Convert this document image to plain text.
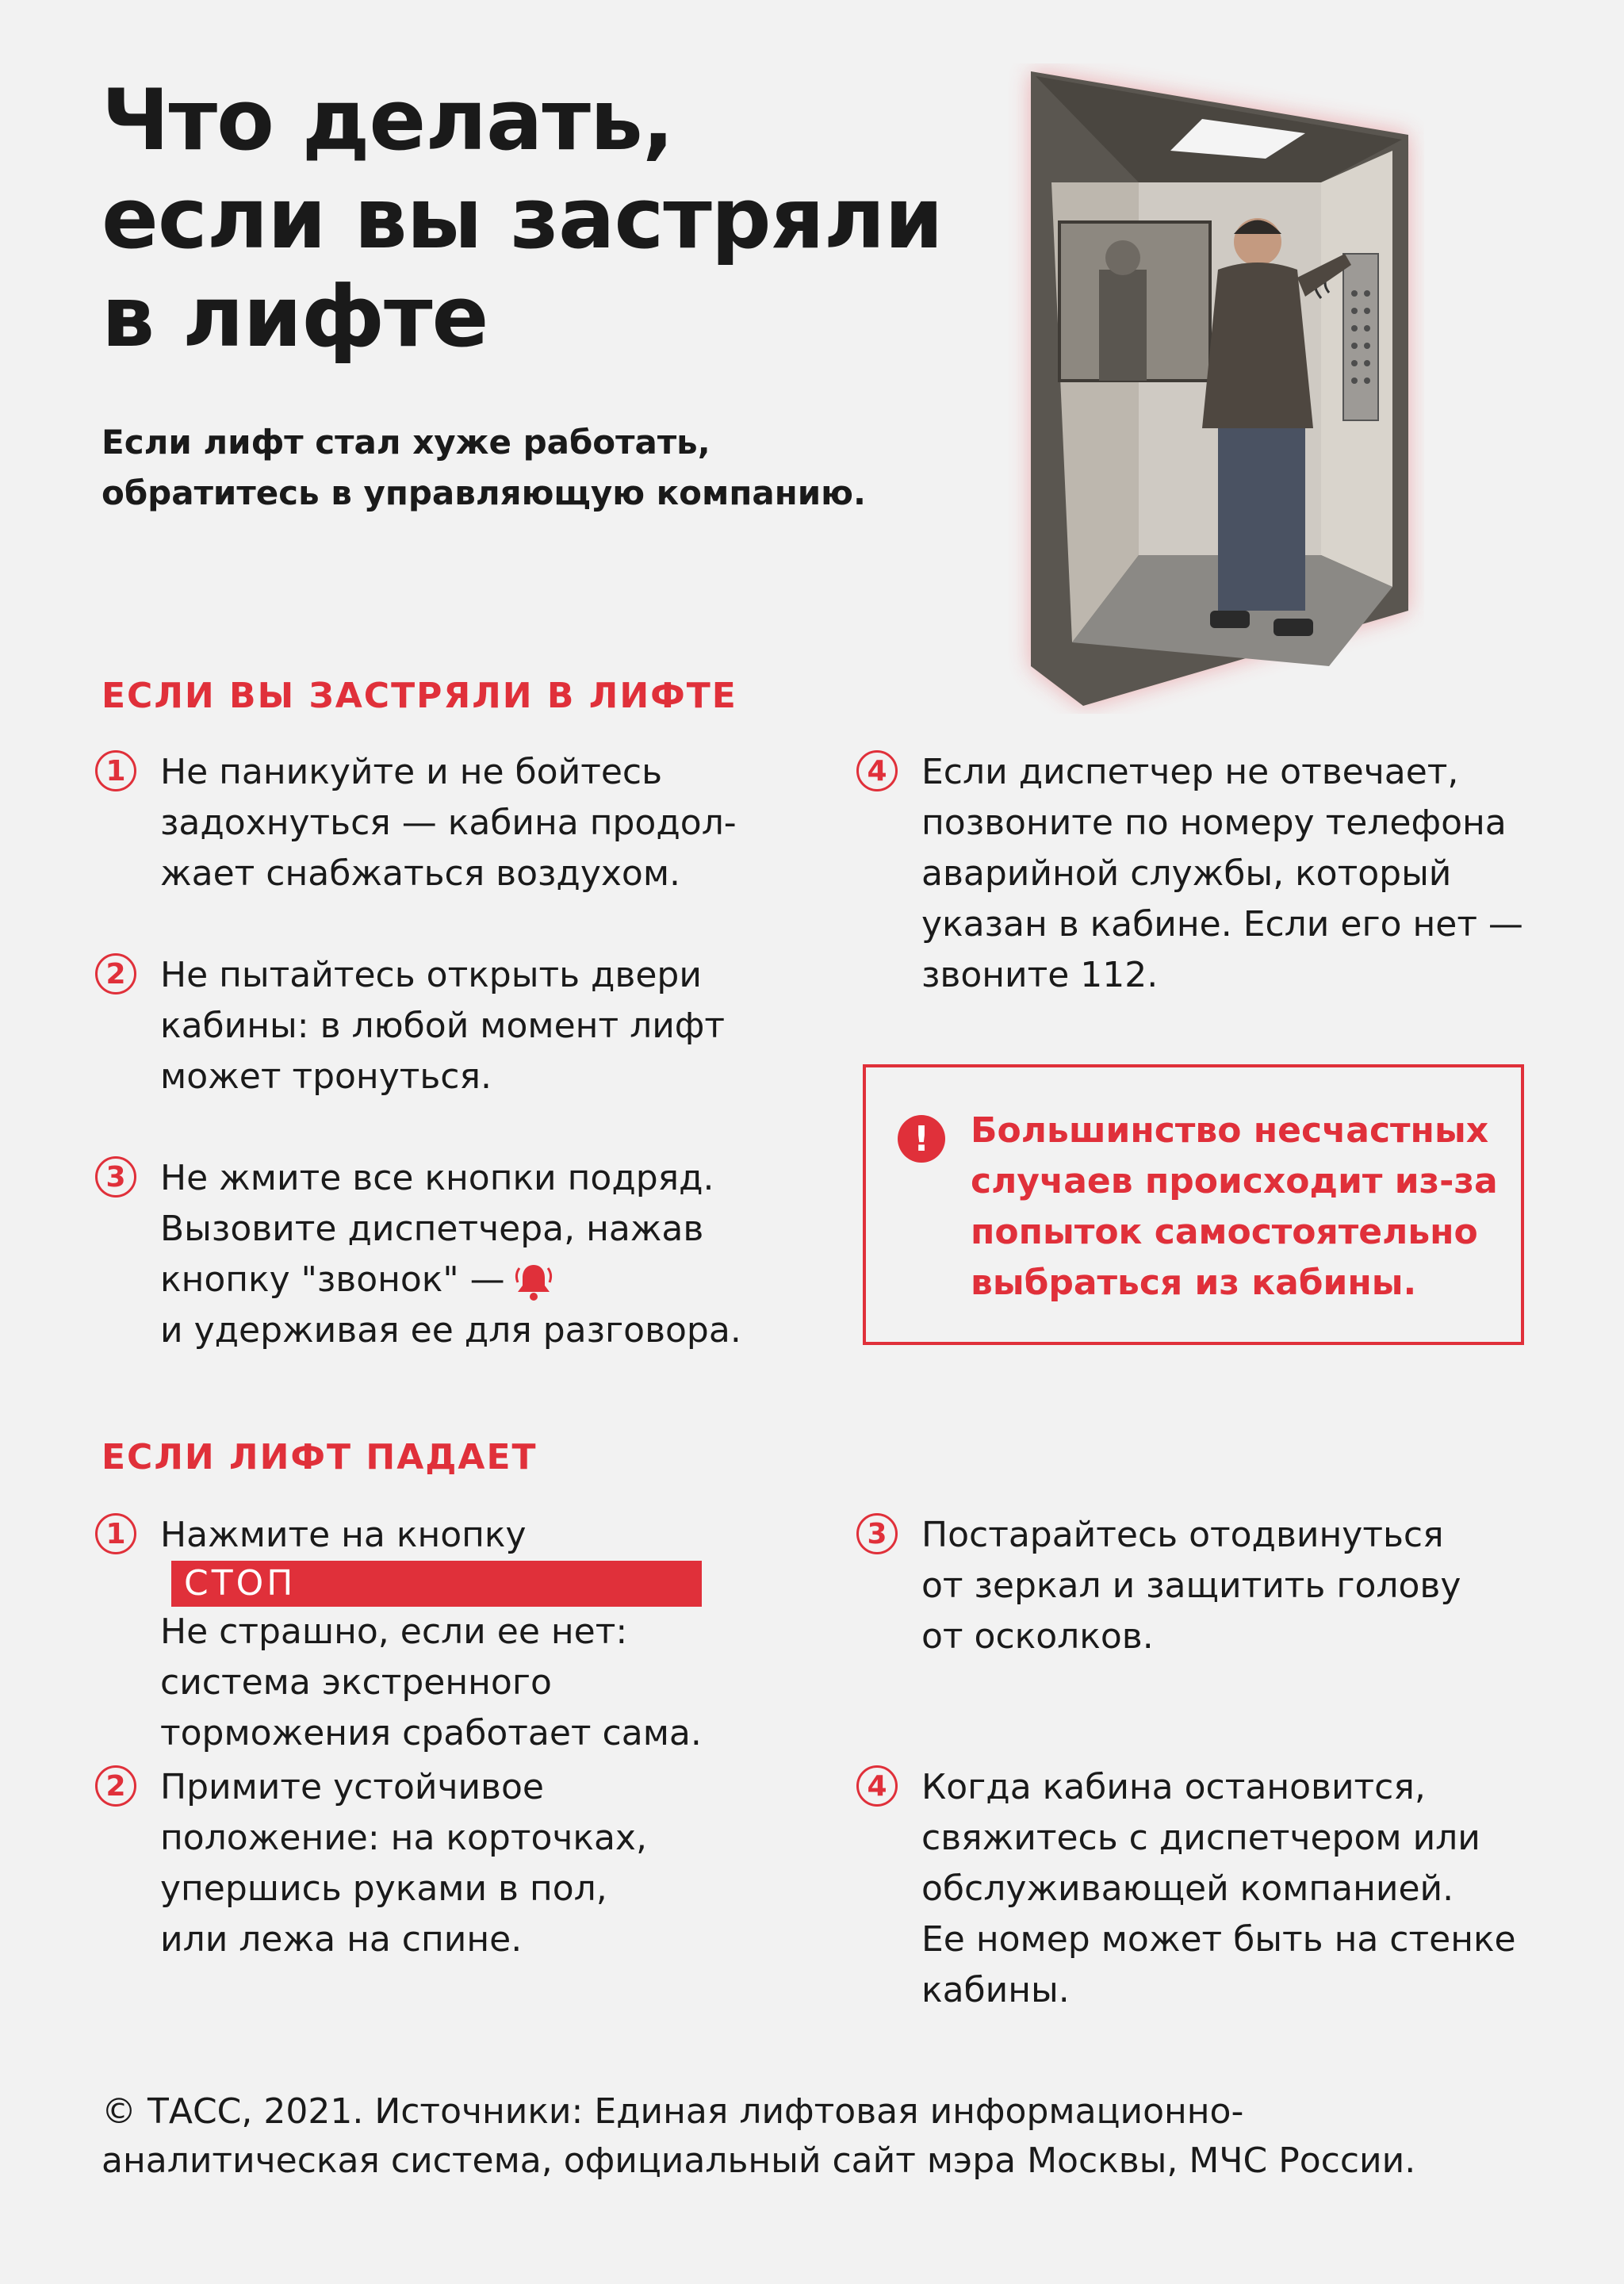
Что делать,
если вы застряли
в лифте
Если лифт стал хуже работать,
обратитесь в управляющую компанию.
ЕСЛИ ВЫ ЗАСТРЯЛИ В ЛИФТЕ
1 Не паникуйте и не бойтесь
задохнуться — кабина продол-
жает снабжаться воздухом.
2 Не пытайтесь открыть двери
кабины: в любой момент лифт
может тронуться.
3 Не жмите все кнопки подряд.
Вызовите диспетчера, нажав
кнопку "звонок" —
и удерживая ее для разговора.
4 Если диспетчер не отвечает,
позвоните по номеру телефона
аварийной службы, который
указан в кабине. Если его нет —
звоните 112.
!	Большинство несчастных
случаев происходит из-за
попыток самостоятельно
выбраться из кабины.
ЕСЛИ ЛИФТ ПАДАЕТ
1 Нажмите на кнопку
СТОП
Не страшно, если ее нет:
система экстренного
торможения сработает сама.
2 Примите устойчивое
положение: на корточках,
упершись руками в пол,
или лежа на спине.
3 Постарайтесь отодвинуться
от зеркал и защитить голову
от осколков.
4 Когда кабина остановится,
свяжитесь с диспетчером или
обслуживающей компанией.
Ее номер может быть на стенке
кабины.
© ТАСС, 2021. Источники: Единая лифтовая информационно-
аналитическая система, официальный сайт мэра Москвы, МЧС России.
